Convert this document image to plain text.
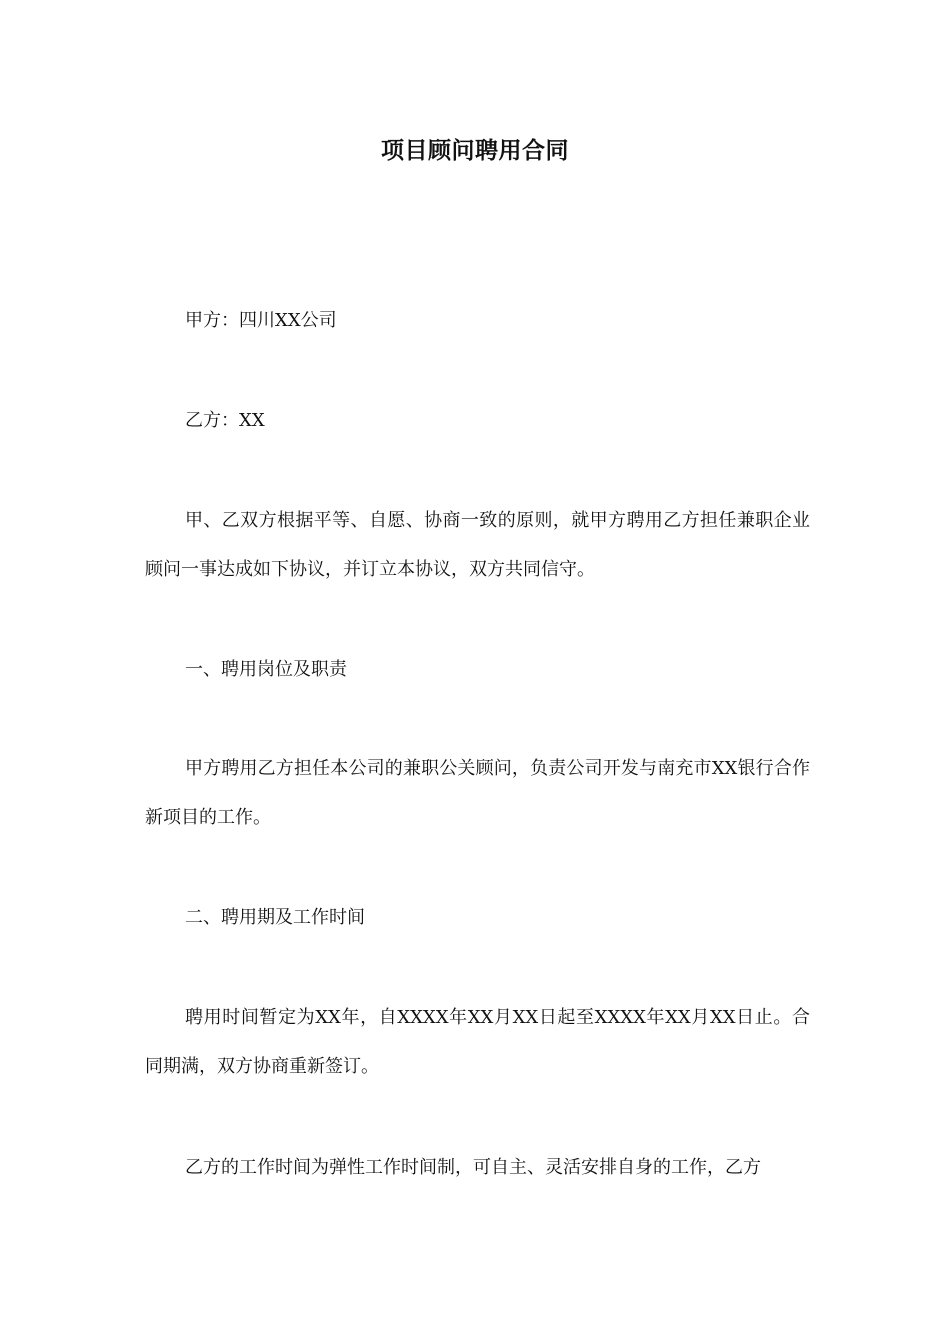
项目顾问聘用合同

甲方：四川XX公司

乙方：XX

甲、乙双方根据平等、自愿、协商一致的原则，就甲方聘用乙方担任兼职企业顾问一事达成如下协议，并订立本协议，双方共同信守。

一、聘用岗位及职责

甲方聘用乙方担任本公司的兼职公关顾问，负责公司开发与南充市XX银行合作新项目的工作。

二、聘用期及工作时间

聘用时间暂定为XX年，自XXXX年XX月XX日起至XXXX年XX月XX日止。合同期满，双方协商重新签订。

乙方的工作时间为弹性工作时间制，可自主、灵活安排自身的工作，乙方
